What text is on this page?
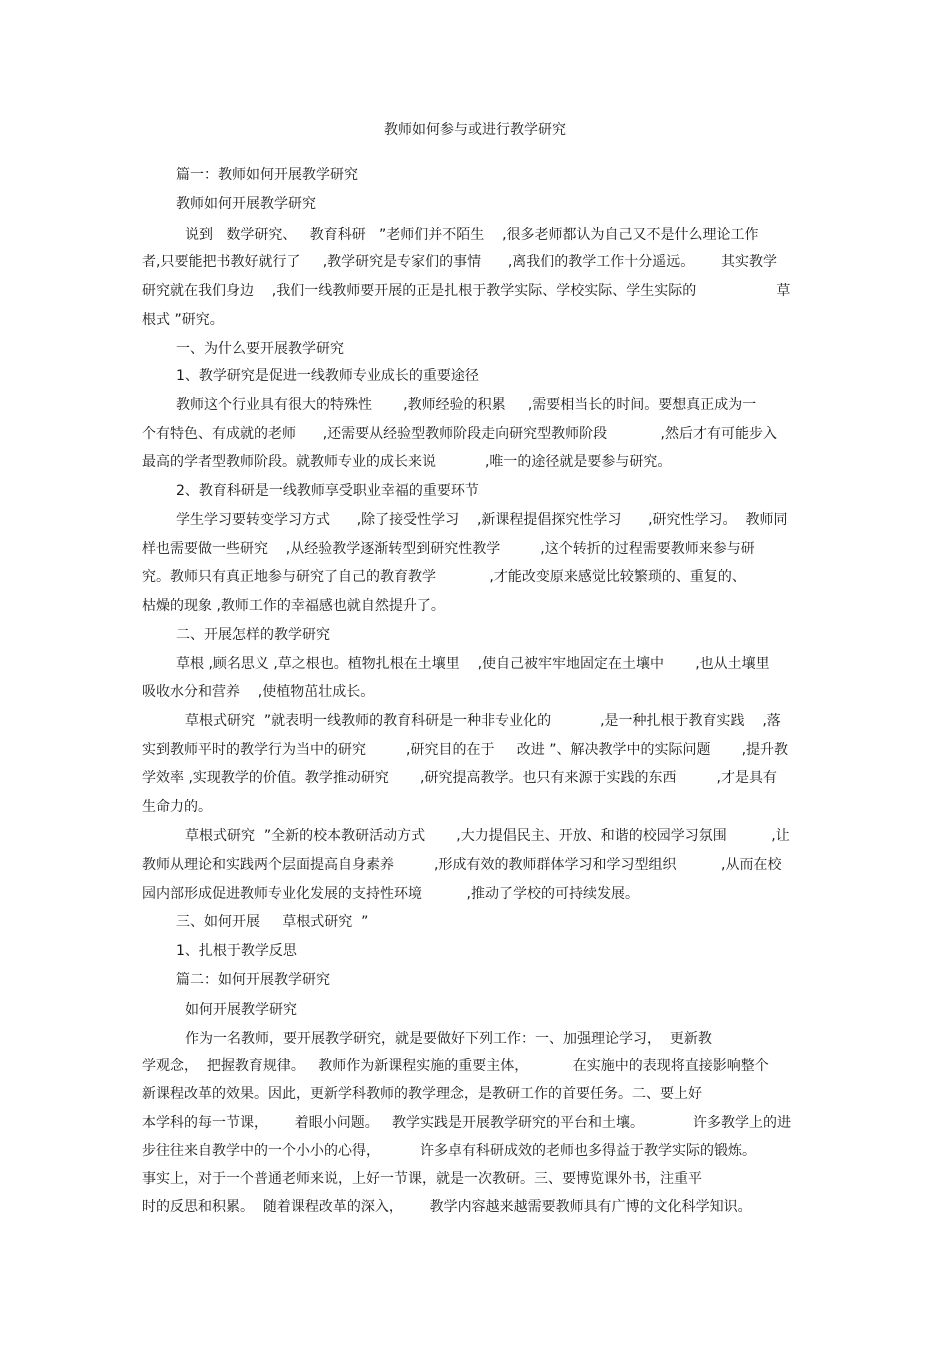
教师如何参与或进行教学研究
篇一：教师如何开展教学研究
教师如何开展教学研究
说到   数学研究、   教育科研   ”老师们并不陌生    ,很多老师都认为自己又不是什么理论工作
者,只要能把书教好就行了     ,教学研究是专家们的事情      ,离我们的教学工作十分遥远。      其实教学
研究就在我们身边    ,我们一线教师要开展的正是扎根于教学实际、学校实际、学生实际的                  草
根式 ”研究。
一、为什么要开展教学研究
1、教学研究是促进一线教师专业成长的重要途径
教师这个行业具有很大的特殊性       ,教师经验的积累     ,需要相当长的时间。要想真正成为一
个有特色、有成就的老师      ,还需要从经验型教师阶段走向研究型教师阶段            ,然后才有可能步入
最高的学者型教师阶段。就教师专业的成长来说           ,唯一的途径就是要参与研究。
2、教育科研是一线教师享受职业幸福的重要环节
学生学习要转变学习方式      ,除了接受性学习    ,新课程提倡探究性学习      ,研究性学习。  教师同
样也需要做一些研究    ,从经验教学逐渐转型到研究性教学         ,这个转折的过程需要教师来参与研
究。教师只有真正地参与研究了自己的教育教学            ,才能改变原来感觉比较繁琐的、重复的、
枯燥的现象 ,教师工作的幸福感也就自然提升了。
二、开展怎样的教学研究
草根 ,顾名思义 ,草之根也。植物扎根在土壤里    ,使自己被牢牢地固定在土壤中       ,也从土壤里
吸收水分和营养    ,使植物茁壮成长。
草根式研究  ”就表明一线教师的教育科研是一种非专业化的           ,是一种扎根于教育实践    ,落
实到教师平时的教学行为当中的研究         ,研究目的在于     改进 ”、解决教学中的实际问题       ,提升教
学效率 ,实现教学的价值。教学推动研究       ,研究提高教学。也只有来源于实践的东西         ,才是具有
生命力的。
草根式研究  ”全新的校本教研活动方式       ,大力提倡民主、开放、和谐的校园学习氛围          ,让
教师从理论和实践两个层面提高自身素养         ,形成有效的教师群体学习和学习型组织          ,从而在校
园内部形成促进教师专业化发展的支持性环境          ,推动了学校的可持续发展。
三、如何开展     草根式研究  ”
1、扎根于教学反思
篇二：如何开展教学研究
如何开展教学研究
作为一名教师，要开展教学研究，就是要做好下列工作：一、加强理论学习，  更新教
学观念，  把握教育规律。   教师作为新课程实施的重要主体，          在实施中的表现将直接影响整个
新课程改革的效果。因此，更新学科教师的教学理念，是教研工作的首要任务。二、要上好
本学科的每一节课，      着眼小问题。   教学实践是开展教学研究的平台和土壤。           许多教学上的进
步往往来自教学中的一个小小的心得，         许多卓有科研成效的老师也多得益于教学实际的锻炼。
事实上，对于一个普通老师来说，上好一节课，就是一次教研。三、要博览课外书，注重平
时的反思和积累。  随着课程改革的深入，      教学内容越来越需要教师具有广博的文化科学知识。
